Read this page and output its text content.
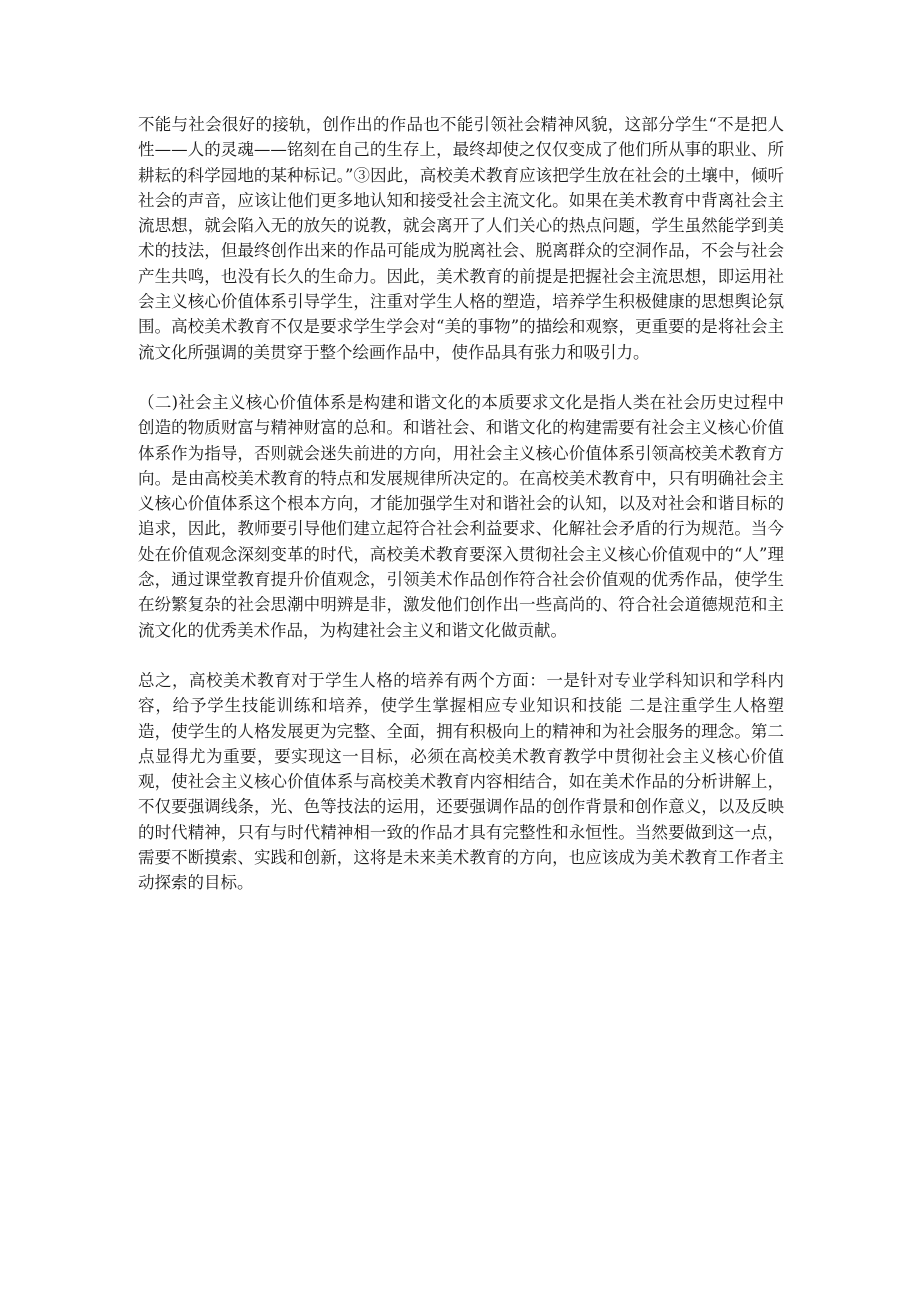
不能与社会很好的接轨，创作出的作品也不能引领社会精神风貌，这部分学生“不是把人性——人的灵魂——铭刻在自己的生存上，最终却使之仅仅变成了他们所从事的职业、所耕耘的科学园地的某种标记。”③因此，高校美术教育应该把学生放在社会的土壤中，倾听社会的声音，应该让他们更多地认知和接受社会主流文化。如果在美术教育中背离社会主流思想，就会陷入无的放矢的说教，就会离开了人们关心的热点问题，学生虽然能学到美术的技法，但最终创作出来的作品可能成为脱离社会、脱离群众的空洞作品，不会与社会产生共鸣，也没有长久的生命力。因此，美术教育的前提是把握社会主流思想，即运用社会主义核心价值体系引导学生，注重对学生人格的塑造，培养学生积极健康的思想舆论氛围。高校美术教育不仅是要求学生学会对“美的事物”的描绘和观察，更重要的是将社会主流文化所强调的美贯穿于整个绘画作品中，使作品具有张力和吸引力。

（二)社会主义核心价值体系是构建和谐文化的本质要求文化是指人类在社会历史过程中创造的物质财富与精神财富的总和。和谐社会、和谐文化的构建需要有社会主义核心价值体系作为指导，否则就会迷失前进的方向，用社会主义核心价值体系引领高校美术教育方向。是由高校美术教育的特点和发展规律所决定的。在高校美术教育中，只有明确社会主义核心价值体系这个根本方向，才能加强学生对和谐社会的认知，以及对社会和谐目标的追求，因此，教师要引导他们建立起符合社会利益要求、化解社会矛盾的行为规范。当今处在价值观念深刻变革的时代，高校美术教育要深入贯彻社会主义核心价值观中的“人”理念，通过课堂教育提升价值观念，引领美术作品创作符合社会价值观的优秀作品，使学生在纷繁复杂的社会思潮中明辨是非，激发他们创作出一些高尚的、符合社会道德规范和主流文化的优秀美术作品，为构建社会主义和谐文化做贡献。

总之，高校美术教育对于学生人格的培养有两个方面：一是针对专业学科知识和学科内容，给予学生技能训练和培养，使学生掌握相应专业知识和技能 二是注重学生人格塑造，使学生的人格发展更为完整、全面，拥有积极向上的精神和为社会服务的理念。第二点显得尤为重要，要实现这一目标，必须在高校美术教育教学中贯彻社会主义核心价值观，使社会主义核心价值体系与高校美术教育内容相结合，如在美术作品的分析讲解上，不仅要强调线条，光、色等技法的运用，还要强调作品的创作背景和创作意义，以及反映的时代精神，只有与时代精神相一致的作品才具有完整性和永恒性。当然要做到这一点，需要不断摸索、实践和创新，这将是未来美术教育的方向，也应该成为美术教育工作者主动探索的目标。
